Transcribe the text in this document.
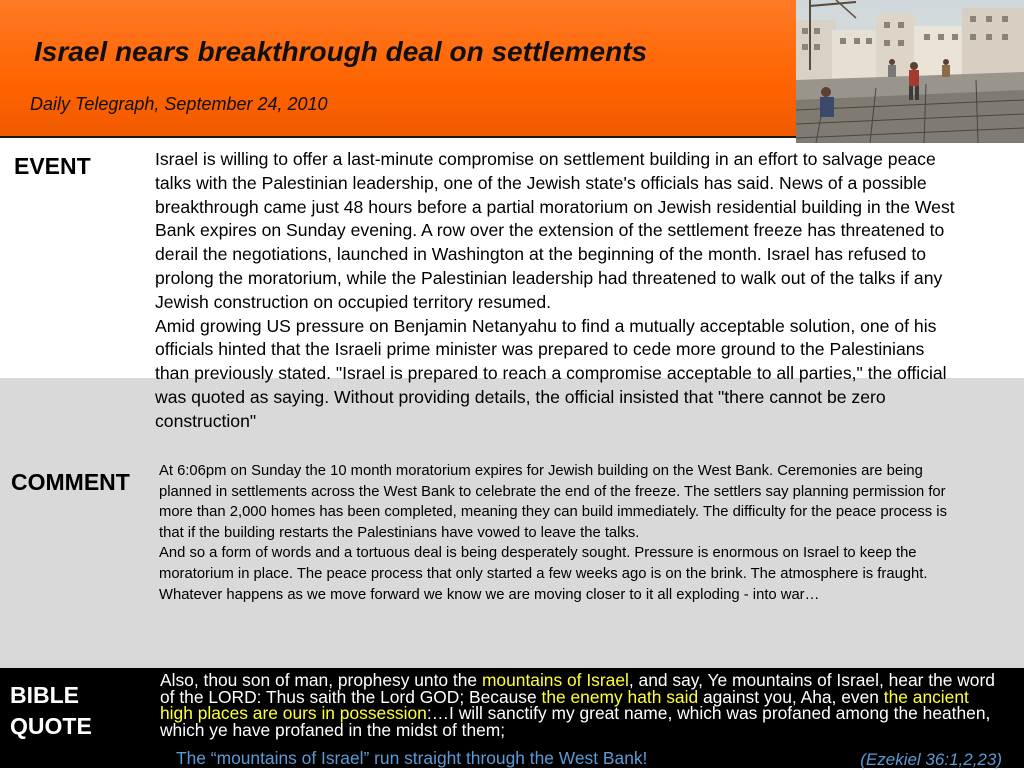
Israel nears breakthrough deal on settlements
Daily Telegraph, September 24, 2010
EVENT	Israel is willing to offer a last-minute compromise on settlement building in an effort to salvage peace talks with the Palestinian leadership, one of the Jewish state's officials has said. News of a possible breakthrough came just 48 hours before a partial moratorium on Jewish residential building in the West Bank expires on Sunday evening. A row over the extension of the settlement freeze has threatened to derail the negotiations, launched in Washington at the beginning of the month. Israel has refused to prolong the moratorium, while the Palestinian leadership had threatened to walk out of the talks if any Jewish construction on occupied territory resumed.

Amid growing US pressure on Benjamin Netanyahu to find a mutually acceptable solution, one of his officials hinted that the Israeli prime minister was prepared to cede more ground to the Palestinians than previously stated. "Israel is prepared to reach a compromise acceptable to all parties," the official was quoted as saying. Without providing details, the official insisted that "there cannot be zero construction"

COMMENT At 6:06pm on Sunday the 10 month moratorium expires for Jewish building on the West Bank. Ceremonies are being planned in settlements across the West Bank to celebrate the end of the freeze. The settlers say planning permission for more than 2,000 homes has been completed, meaning they can build immediately. The difficulty for the peace process is that if the building restarts the Palestinians have vowed to leave the talks.

And so a form of words and a tortuous deal is being desperately sought. Pressure is enormous on Israel to keep the moratorium in place. The peace process that only started a few weeks ago is on the brink. The atmosphere is fraught. Whatever happens as we move forward we know we are moving closer to it all exploding - into war…

BIBLE
QUOTE
Also, thou son of man, prophesy unto the mountains of Israel, and say, Ye mountains of Israel, hear the word of the LORD: Thus saith the Lord GOD; Because the enemy hath said against you, Aha, even the ancient high places are ours in possession:…I will sanctify my great name, which was profaned among the heathen, which ye have profaned in the midst of them;
The “mountains of Israel” run straight through the West Bank!	(Ezekiel 36:1,2,23)
